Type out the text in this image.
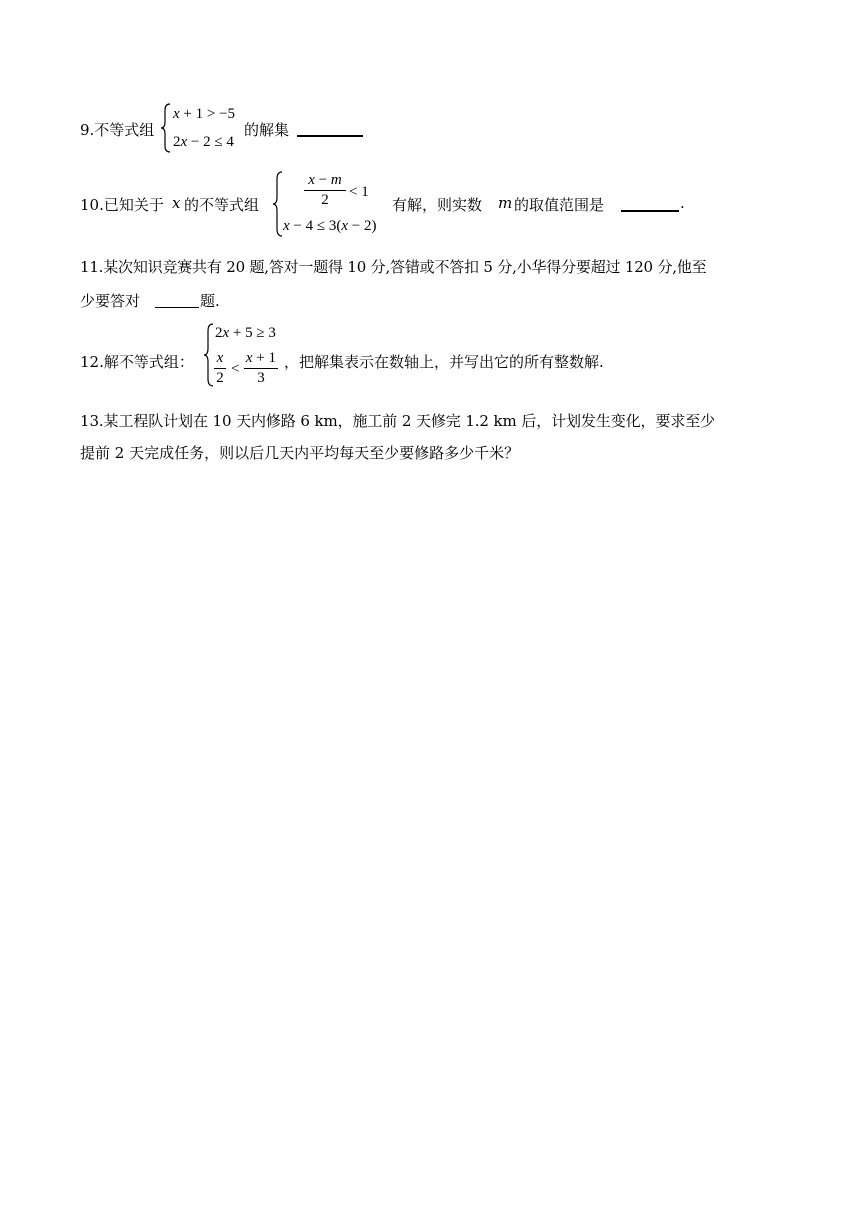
9.不等式组
x + 1 > −5
2x − 2 ≤ 4
的解集
10.已知关于 x 的不等式组
x − m
2	< 1
x − 4 ≤ 3(x − 2)
有解，则实数 m 的取值范围是	.
11.某次知识竞赛共有 20 题,答对一题得 10 分,答错或不答扣 5 分,小华得分要超过 120 分,他至
少要答对	题.
12.解不等式组：
2x + 5 ≥ 3
x
2
<
x + 1
3
，把解集表示在数轴上，并写出它的所有整数解.
13.某工程队计划在 10 天内修路 6 km，施工前 2 天修完 1.2 km 后，计划发生变化，要求至少
提前 2 天完成任务，则以后几天内平均每天至少要修路多少千米？
